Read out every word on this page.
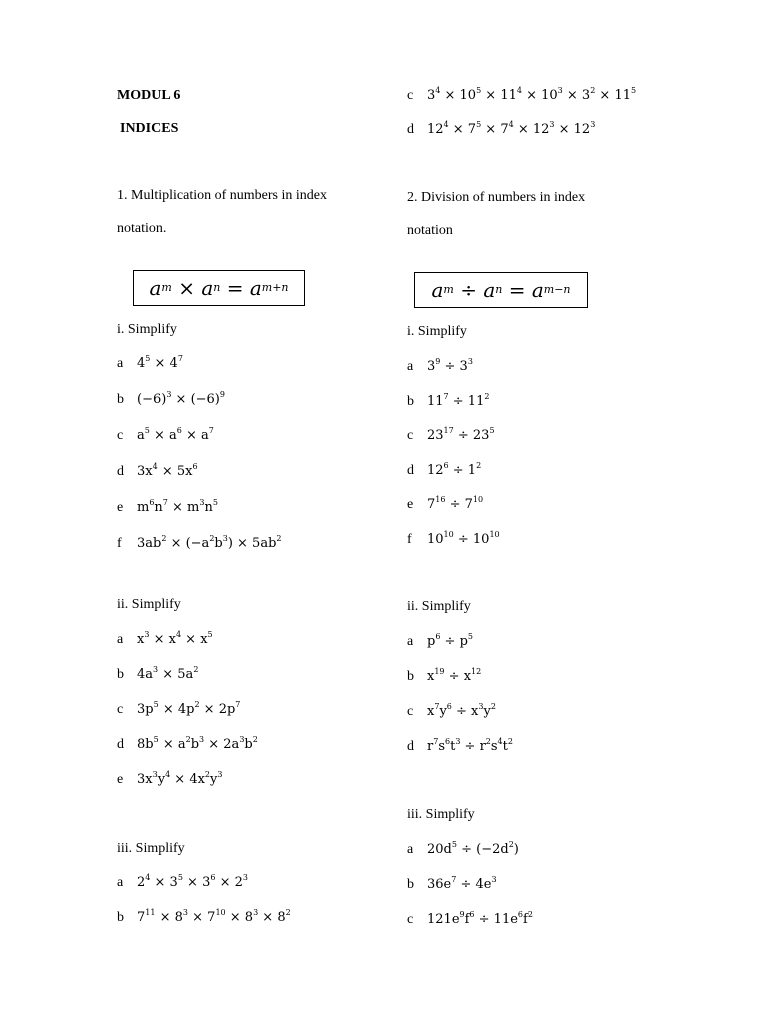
MODUL 6
INDICES
1. Multiplication of numbers in index
notation.
a m
×
a n
=
a m+n
i. Simplify
a $4^5 \times 4^7$
b $(-6)^3 \times (-6)^9$
c $a^5 \times a^6 \times a^7$
d $3x^4 \times 5x^6$
e $m^6n^7 \times m^3n^5$
f $3ab^2 \times (-a^2b^3) \times 5ab^2$
ii. Simplify
a $x^3 \times x^4 \times x^5$
b $4a^3 \times 5a^2$
c $3p^5 \times 4p^2 \times 2p^7$
d $8b^5 \times a^2b^3 \times 2a^3b^2$
e $3x^3y^4 \times 4x^2y^3$
iii. Simplify
a $2^4 \times 3^5 \times 3^6 \times 2^3$
b $7^{11} \times 8^3 \times 7^{10} \times 8^3 \times 8^2$
c $3^4 \times 10^5 \times 11^4 \times 10^3 \times 3^2 \times 11^5$
d $12^4 \times 7^5 \times 7^4 \times 12^3 \times 12^3$
2. Division of numbers in index
notation
a m
÷
a n
=
a m−n
i. Simplify
a $3^9 \div 3^3$
b $11^7 \div 11^2$
c $23^{17} \div 23^5$
d $12^6 \div 1^2$
e $7^{16} \div 7^{10}$
f $10^{10} \div 10^{10}$
ii. Simplify
a $p^6 \div p^5$
b $x^{19} \div x^{12}$
c $x^7y^6 \div x^3y^2$
d $r^7s^6t^3 \div r^2s^4t^2$
iii. Simplify
a $20d^5 \div (-2d^2)$
b $36e^7 \div 4e^3$
c $121e^9f^6 \div 11e^6f^2$
